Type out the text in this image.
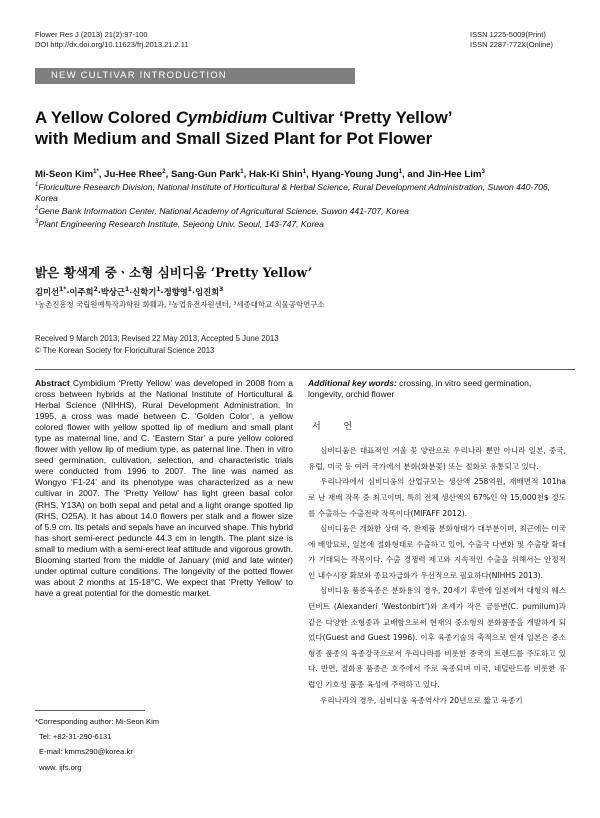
Flower Res J (2013) 21(2):97-100
DOI http://dx.doi.org/10.11623/frj.2013.21.2.11
ISSN 1225-5009(Print)
ISSN 2287-772X(Online)
NEW CULTIVAR INTRODUCTION
A Yellow Colored Cymbidium Cultivar ‘Pretty Yellow’
with Medium and Small Sized Plant for Pot Flower
Mi-Seon Kim$^{1*}$, Ju-Hee Rhee$^2$, Sang-Gun Park$^1$, Hak-Ki Shin$^1$, Hyang-Young Jung$^1$, and Jin-Hee Lim$^3$
$^1$Floriculture Research Division, National Institute of Horticultural & Herbal Science, Rural Development Administration, Suwon 440-706, Korea
$^2$Gene Bank Information Center, National Academy of Agricultural Science, Suwon 441-707, Korea
$^3$Plant Engineering Research Institute, Sejeong Univ. Seoul, 143-747, Korea
밝은 황색계 중ㆍ소형 심비디움 ‘Pretty Yellow’
김미선$^{1*}$·이주희$^2$·박상근$^1$·신학기$^1$·정향영$^1$·임진희$^3$
¹농촌진흥청 국립원예특작과학원 화훼과, ²농업유전자원센터, ³세종대학교 식물공학연구소
Received 9 March 2013; Revised 22 May 2013; Accepted 5 June 2013
© The Korean Society for Floricultural Science 2013
Abstract Cymbidium ‘Pretty Yellow’ was developed in 2008 from a cross between hybrids at the National Institute of Horticultural & Herbal Science (NIHHS), Rural Development Administration. In 1995, a cross was made between C. ‘Golden Color’, a yellow colored flower with yellow spotted lip of medium and small plant type as maternal line, and C. ‘Eastern Star’ a pure yellow colored flower with yellow lip of medium type, as paternal line. Then in vitro seed germination, cultivation, selection, and characteristic trials were conducted from 1996 to 2007. The line was named as Wongyo ‘F1-24’ and its phenotype was characterized as a new cultivar in 2007. The ‘Pretty Yellow’ has light green basal color (RHS, Y13A) on both sepal and petal and a light orange spotted lip (RHS, O25A). It has about 14.0 flowers per stalk and a flower size of 5.9 cm. Its petals and sepals have an incurved shape. This hybrid has short semi-erect peduncle 44.3 cm in length. The plant size is small to medium with a semi-erect leaf attitude and vigorous growth. Blooming started from the middle of January (mid and late winter) under optimal culture conditions. The longevity of the potted flower was about 2 months at 15-18°C. We expect that ‘Pretty Yellow’ to have a great potential for the domestic market.
Additional key words: crossing, in vitro seed germination, longevity, orchid flower
서 언

심비디움은 대표적인 겨울 꽃 양란으로 우리나라 뿐만 아니라 일본, 중국, 유럽, 미국 등 여러 국가에서 분화(화분꽃) 또는 절화로 유통되고 있다.

우리나라에서 심비디움의 산업규모는 생산액 258억원, 재배면적 101ha로 난 재배 작목 중 최고이며, 특히 전체 생산액의 67%인 약 15,000천$ 정도를 수출하는 수출전략 작목이다(MIFAFF 2012).

심비디움은 개화한 상태 즉, 완제품 분화형태가 대부분이며, 최근에는 미국에 배양묘로, 일본에 절화형태로 수출하고 있어, 수출국 다변화 및 수출량 확대가 기대되는 작목이다. 수출 경쟁력 제고와 지속적인 수출을 위해서는 안정적인 내수시장 확보와 종묘자급화가 우선적으로 필요하다(NIHHS 2013).

심비디움 품종육종은 분화용의 경우, 20세기 후반에 일본에서 대형의 웨스턴비트 (Alexanderi ‘Westonbirt’)와 초세가 작은 금릉변(C. pumilum)과 같은 다양한 소형종과 교배함으로써 현재의 중소형의 분화품종을 개발하게 되었다(Guest and Guest 1996). 이후 육종기술의 축적으로 현재 일본은 중소형종 품종의 육종강국으로서 우리나라를 비롯한 중국의 트렌드를 주도하고 있다. 반면, 절화용 품종은 호주에서 주로 육종되며 미국, 네덜란드를 비롯한 유럽인 기호성 품종 육성에 주력하고 있다.

우리나라의 경우, 심비디움 육종역사가 20년으로 짧고 육종기

*Corresponding author: Mi-Seon Kim
Tel: +82-31-290-6131
E-mail: kmms290@korea.kr
www. ijfs.org
